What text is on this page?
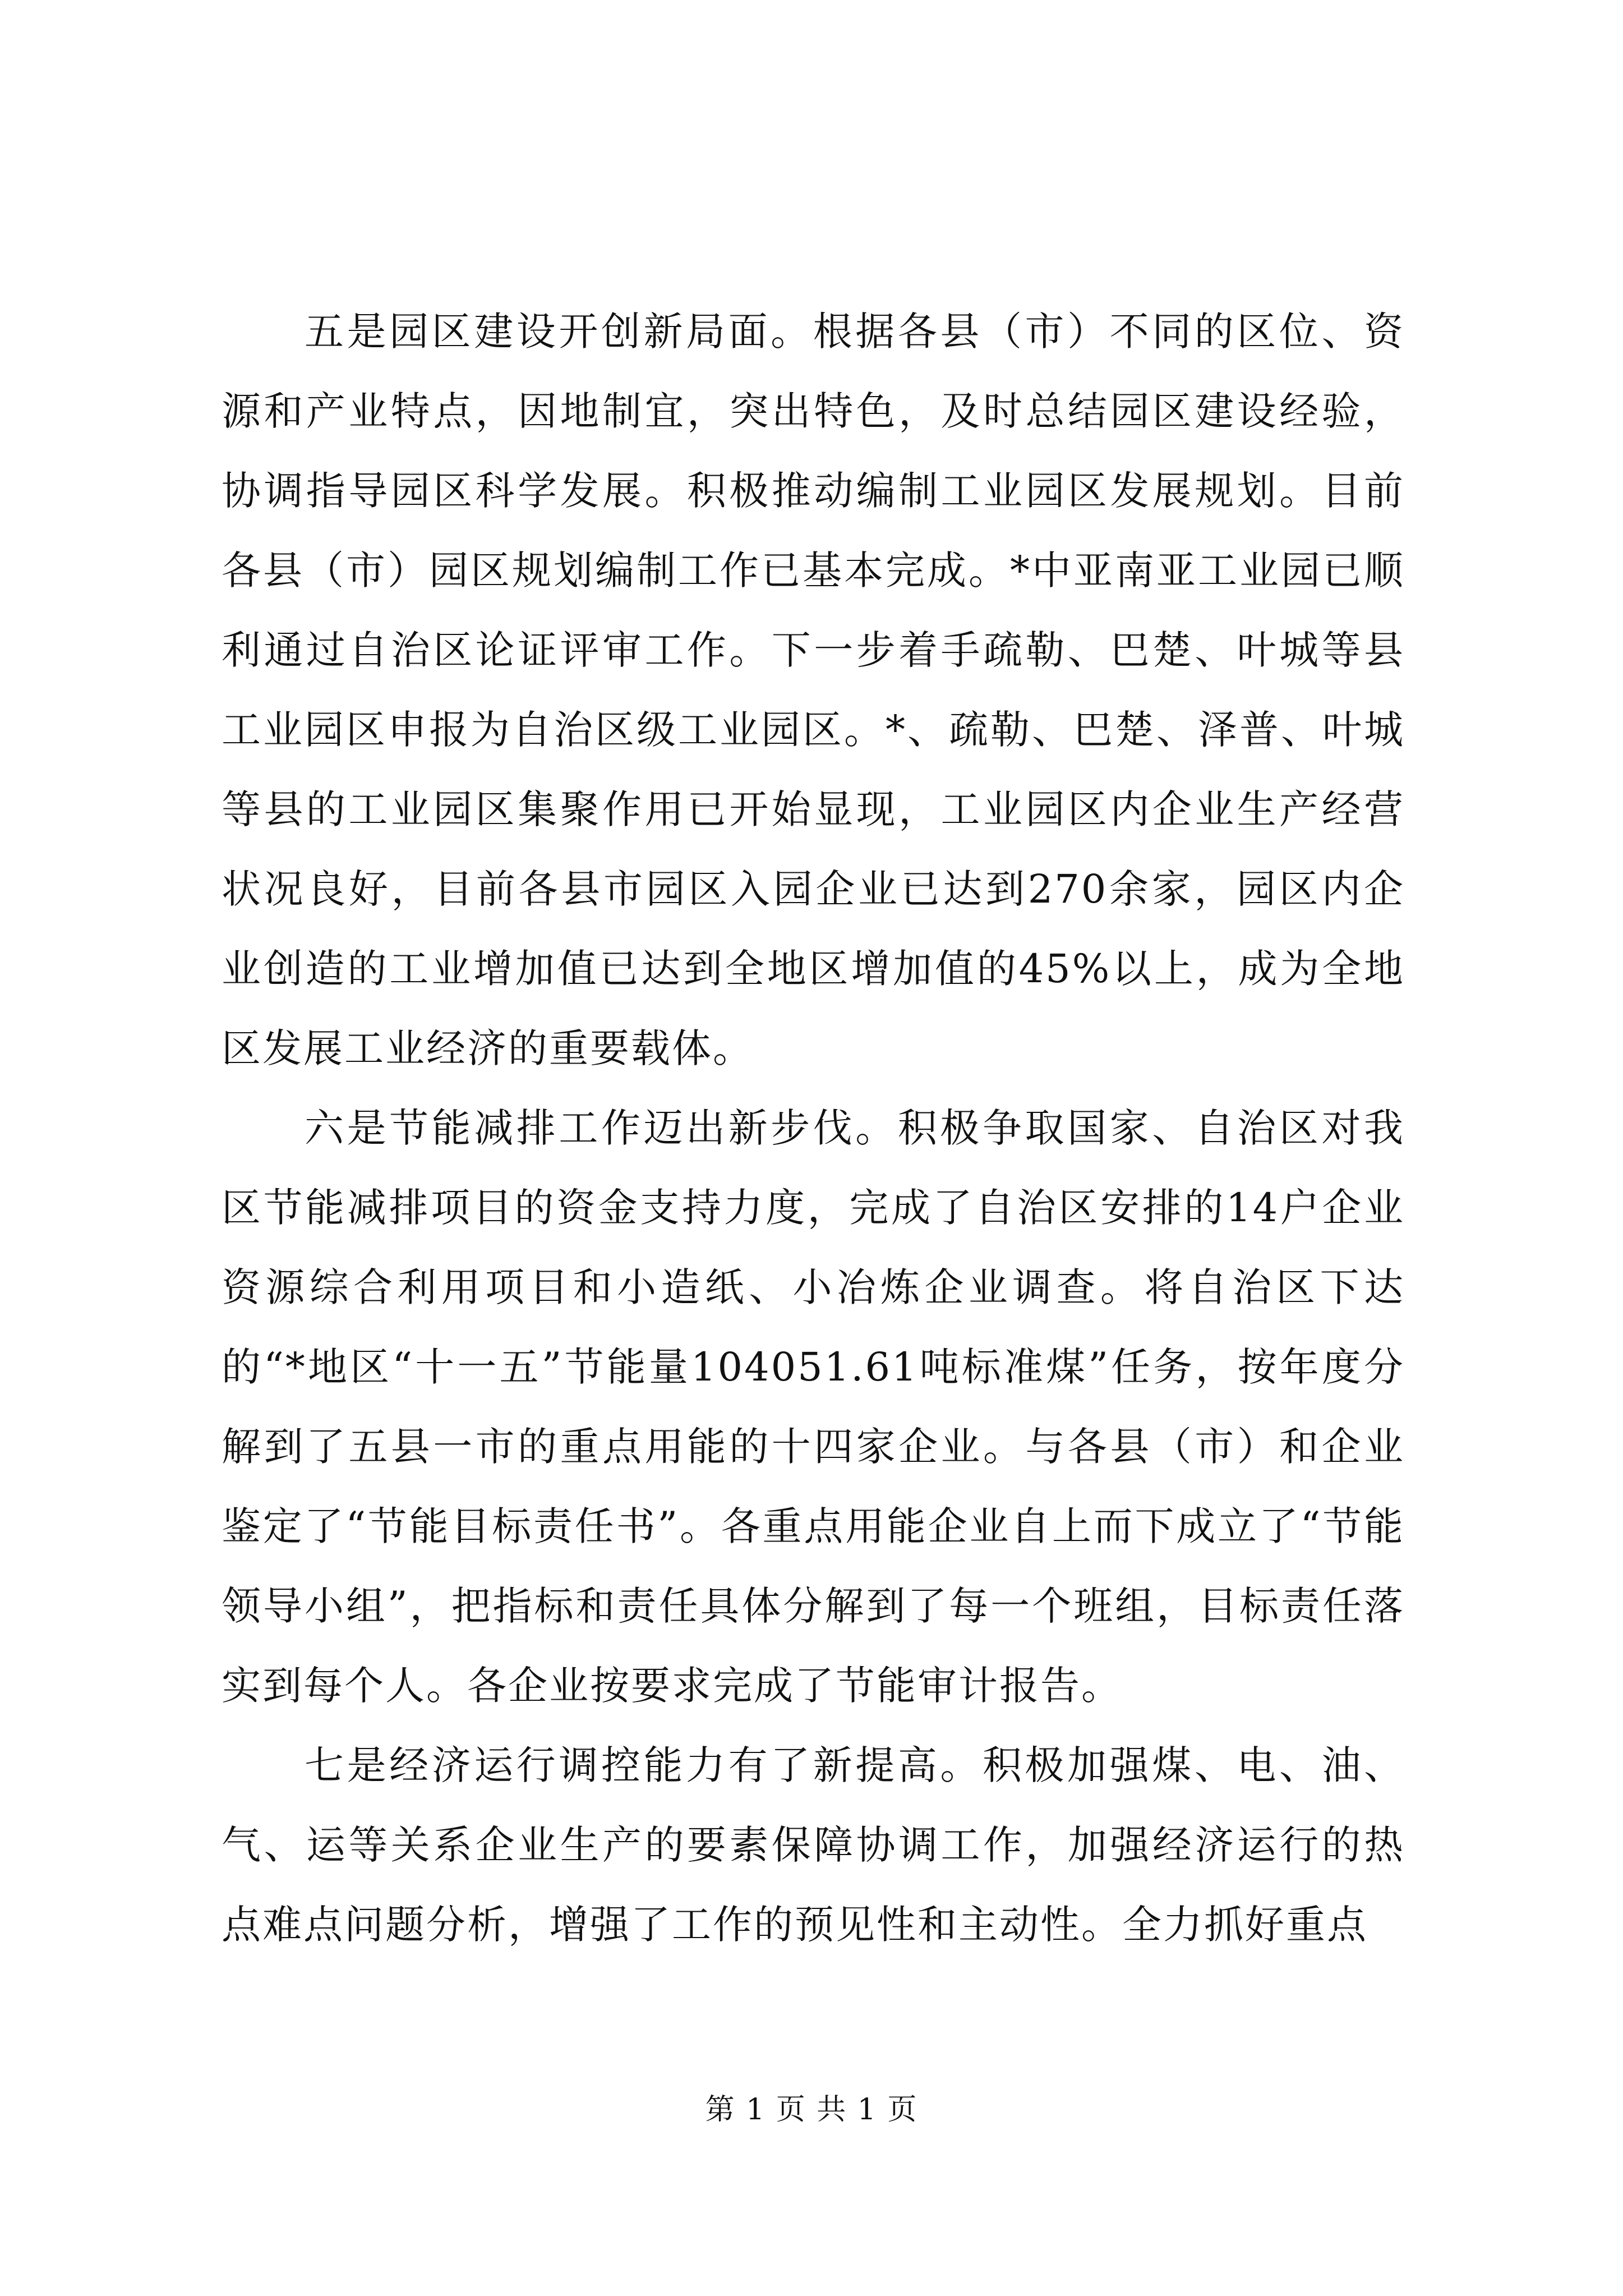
五是园区建设开创新局面。根据各县（市）不同的区位、资源和产业特点，因地制宜，突出特色，及时总结园区建设经验，协调指导园区科学发展。积极推动编制工业园区发展规划。目前各县（市）园区规划编制工作已基本完成。*中亚南亚工业园已顺利通过自治区论证评审工作。下一步着手疏勒、巴楚、叶城等县工业园区申报为自治区级工业园区。*、疏勒、巴楚、泽普、叶城等县的工业园区集聚作用已开始显现，工业园区内企业生产经营状况良好，目前各县市园区入园企业已达到270余家，园区内企业创造的工业增加值已达到全地区增加值的45%以上，成为全地区发展工业经济的重要载体。

六是节能减排工作迈出新步伐。积极争取国家、自治区对我区节能减排项目的资金支持力度，完成了自治区安排的14户企业资源综合利用项目和小造纸、小冶炼企业调查。将自治区下达的“*地区“十一五”节能量104051.61吨标准煤”任务，按年度分解到了五县一市的重点用能的十四家企业。与各县（市）和企业鉴定了“节能目标责任书”。各重点用能企业自上而下成立了“节能领导小组”，把指标和责任具体分解到了每一个班组，目标责任落实到每个人。各企业按要求完成了节能审计报告。

七是经济运行调控能力有了新提高。积极加强煤、电、油、气、运等关系企业生产的要素保障协调工作，加强经济运行的热点难点问题分析，增强了工作的预见性和主动性。全力抓好重点

第 1 页 共 1 页
